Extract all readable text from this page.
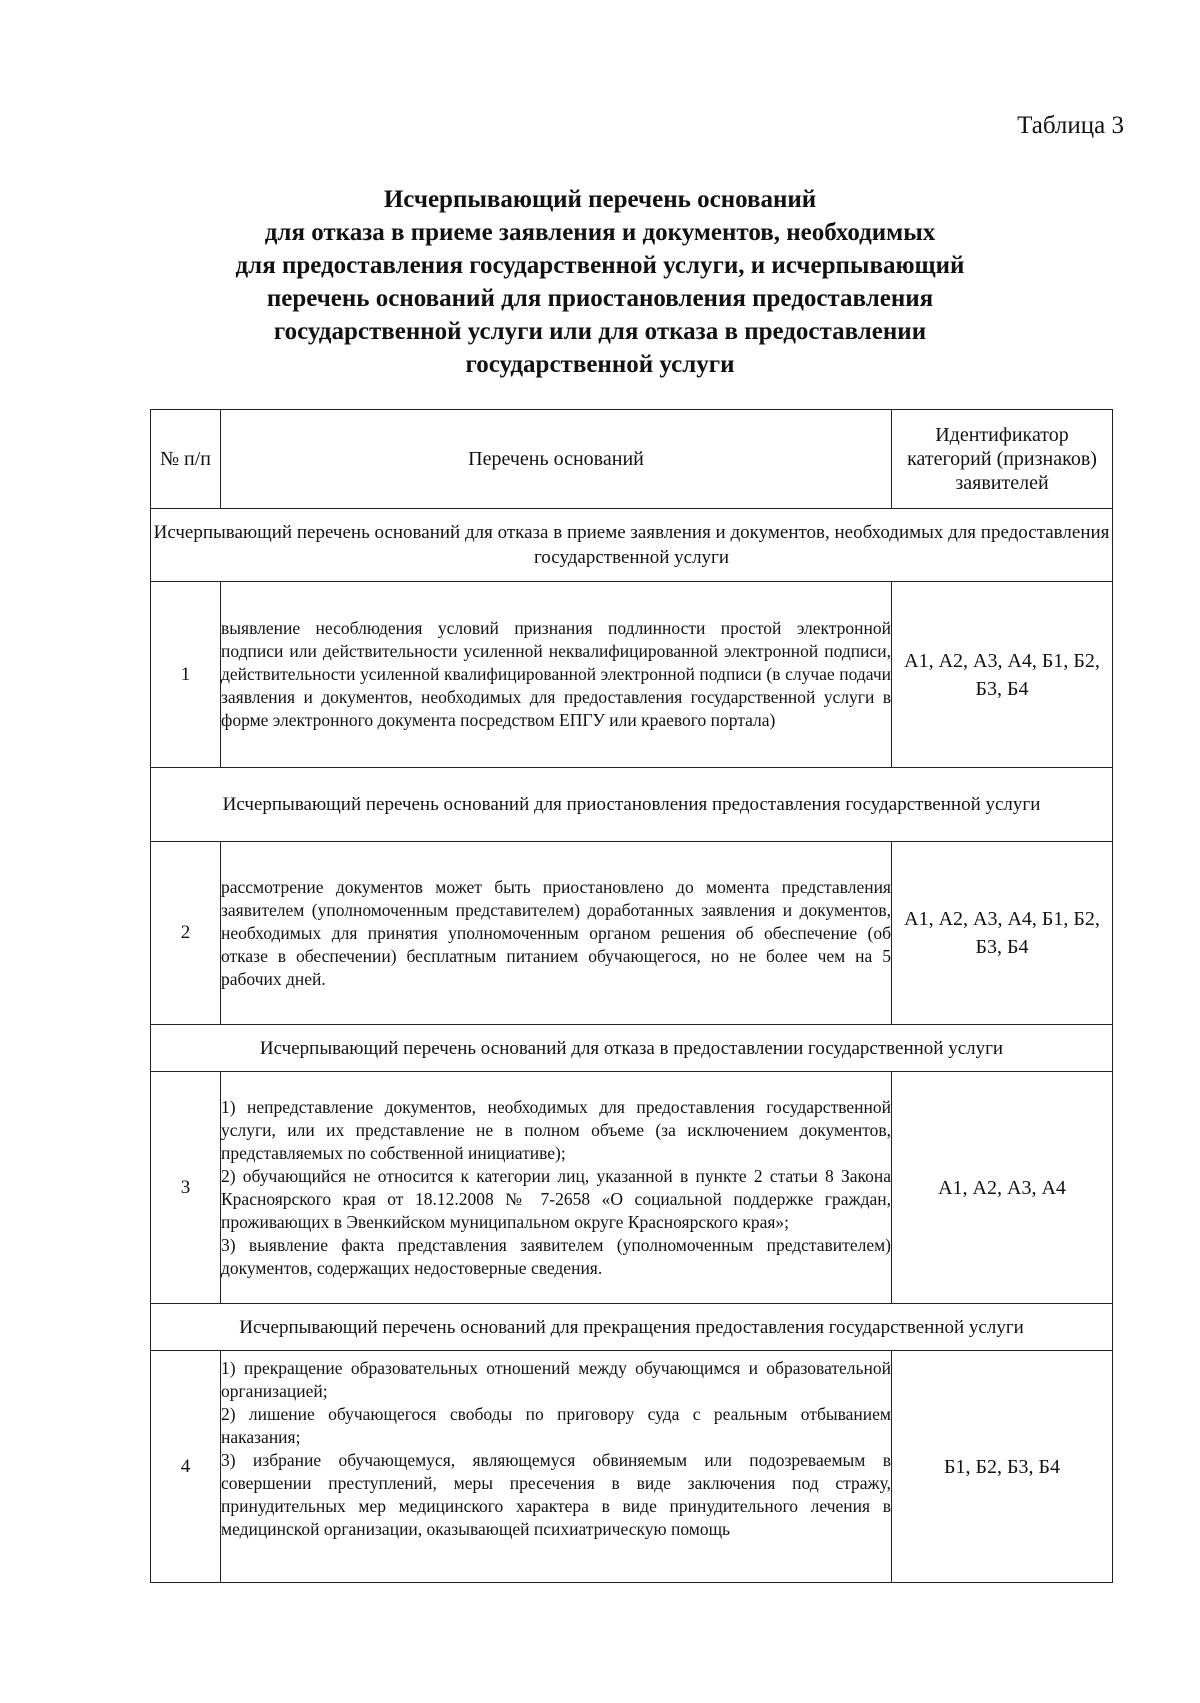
Таблица 3
Исчерпывающий перечень оснований
для отказа в приеме заявления и документов, необходимых
для предоставления государственной услуги, и исчерпывающий
перечень оснований для приостановления предоставления
государственной услуги или для отказа в предоставлении
государственной услуги
№ п/п	Перечень оснований	Идентификатор категорий (признаков) заявителей
Исчерпывающий перечень оснований для отказа в приеме заявления и документов, необходимых для предоставления государственной услуги		
1	выявление несоблюдения условий признания подлинности простой электронной подписи или действительности усиленной неквалифицированной электронной подписи, действительности усиленной квалифицированной электронной подписи (в случае подачи заявления и документов, необходимых для предоставления государственной услуги в форме электронного документа посредством ЕПГУ или краевого портала)	А1, А2, А3, А4, Б1, Б2, Б3, Б4
Исчерпывающий перечень оснований для приостановления предоставления государственной услуги		
2	рассмотрение документов может быть приостановлено до момента представления заявителем (уполномоченным представителем) доработанных заявления и документов, необходимых для принятия уполномоченным органом решения об обеспечение (об отказе в обеспечении) бесплатным питанием обучающегося, но не более чем на 5 рабочих дней.	А1, А2, А3, А4, Б1, Б2, Б3, Б4
Исчерпывающий перечень оснований для отказа в предоставлении государственной услуги		
3	1) непредставление документов, необходимых для предоставления государственной услуги, или их представление не в полном объеме (за исключением документов, представляемых по собственной инициативе);
2) обучающийся не относится к категории лиц, указанной в пункте 2 статьи 8 Закона Красноярского края от 18.12.2008 № 7-2658 «О социальной поддержке граждан, проживающих в Эвенкийском муниципальном округе Красноярского края»;
3) выявление факта представления заявителем (уполномоченным представителем) документов, содержащих недостоверные сведения.	А1, А2, А3, А4
Исчерпывающий перечень оснований для прекращения предоставления государственной услуги		
4	1) прекращение образовательных отношений между обучающимся и образовательной организацией;
2) лишение обучающегося свободы по приговору суда с реальным отбыванием наказания;
3) избрание обучающемуся, являющемуся обвиняемым или подозреваемым в совершении преступлений, меры пресечения в виде заключения под стражу, принудительных мер медицинского характера в виде принудительного лечения в медицинской организации, оказывающей психиатрическую помощь	Б1, Б2, Б3, Б4
